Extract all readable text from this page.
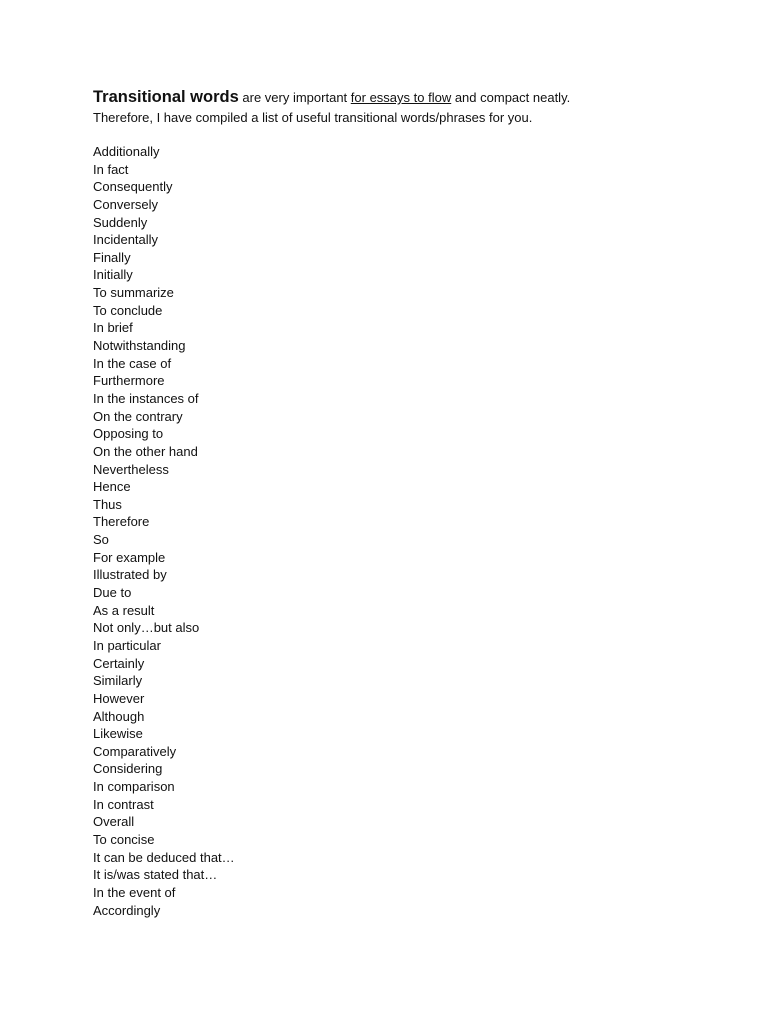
Transitional words are very important for essays to flow and compact neatly.
Therefore, I have compiled a list of useful transitional words/phrases for you.
Additionally
In fact
Consequently
Conversely
Suddenly
Incidentally
Finally
Initially
To summarize
To conclude
In brief
Notwithstanding
In the case of
Furthermore
In the instances of
On the contrary
Opposing to
On the other hand
Nevertheless
Hence
Thus
Therefore
So
For example
Illustrated by
Due to
As a result
Not only…but also
In particular
Certainly
Similarly
However
Although
Likewise
Comparatively
Considering
In comparison
In contrast
Overall
To concise
It can be deduced that…
It is/was stated that…
In the event of
Accordingly
